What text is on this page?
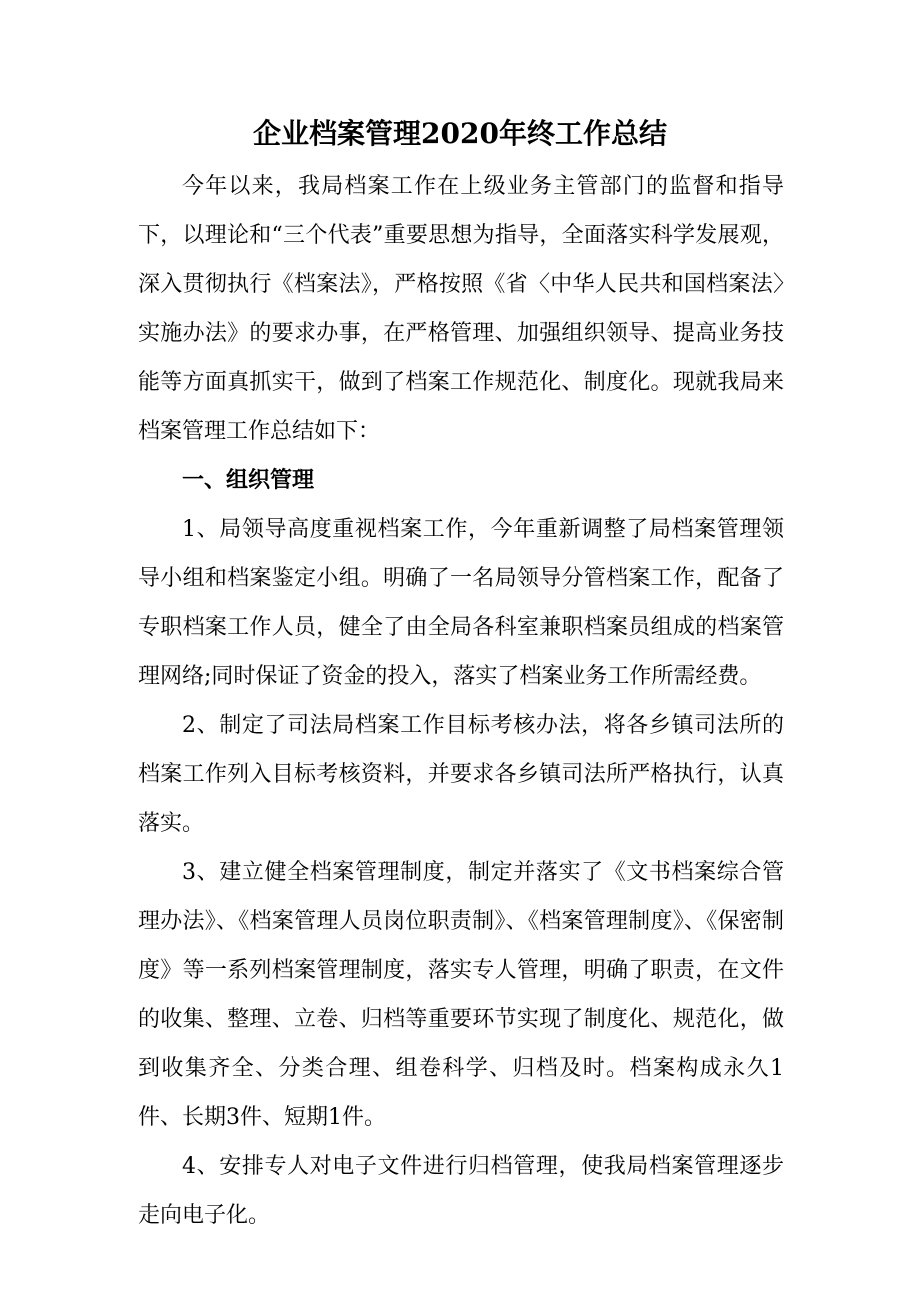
企业档案管理2020年终工作总结

今年以来，我局档案工作在上级业务主管部门的监督和指导下，以理论和“三个代表”重要思想为指导，全面落实科学发展观，深入贯彻执行《档案法》，严格按照《省〈中华人民共和国档案法〉实施办法》的要求办事，在严格管理、加强组织领导、提高业务技能等方面真抓实干，做到了档案工作规范化、制度化。现就我局来档案管理工作总结如下：

一、组织管理

1、局领导高度重视档案工作，今年重新调整了局档案管理领导小组和档案鉴定小组。明确了一名局领导分管档案工作，配备了专职档案工作人员，健全了由全局各科室兼职档案员组成的档案管理网络;同时保证了资金的投入，落实了档案业务工作所需经费。

2、制定了司法局档案工作目标考核办法，将各乡镇司法所的档案工作列入目标考核资料，并要求各乡镇司法所严格执行，认真落实。

3、建立健全档案管理制度，制定并落实了《文书档案综合管理办法》、《档案管理人员岗位职责制》、《档案管理制度》、《保密制度》等一系列档案管理制度，落实专人管理，明确了职责，在文件的收集、整理、立卷、归档等重要环节实现了制度化、规范化，做到收集齐全、分类合理、组卷科学、归档及时。档案构成永久1件、长期3件、短期1件。

4、安排专人对电子文件进行归档管理，使我局档案管理逐步走向电子化。
